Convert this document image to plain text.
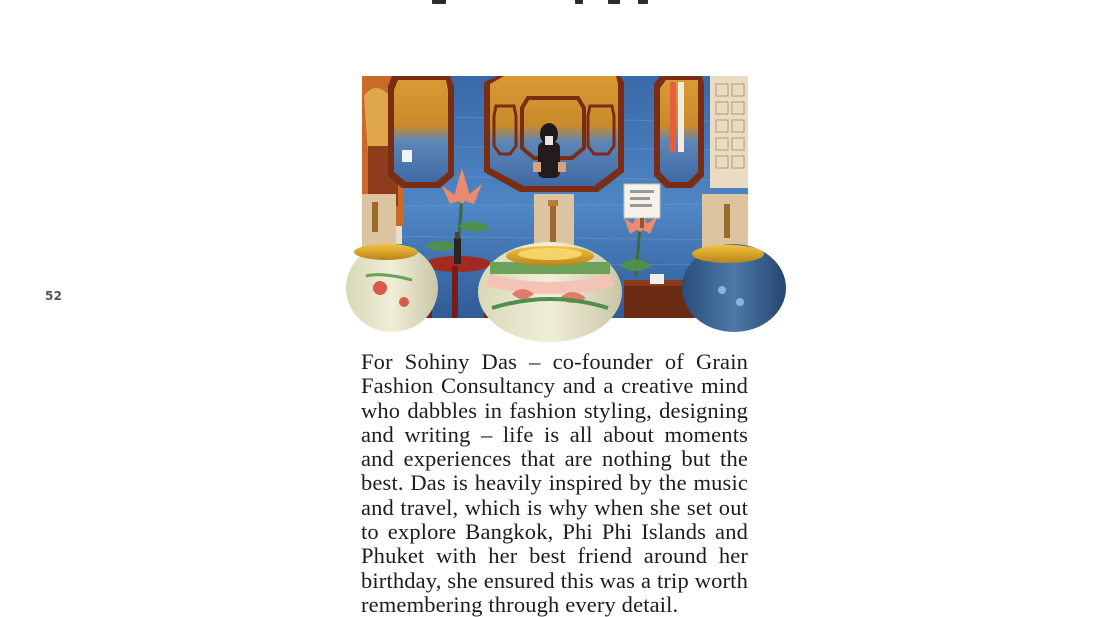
52

For Sohiny Das – co-founder of Grain Fashion Consultancy and a creative mind who dabbles in fashion styling, designing and writing – life is all about moments and experiences that are nothing but the best. Das is heavily inspired by the music and travel, which is why when she set out to explore Bangkok, Phi Phi Islands and Phuket with her best friend around her birthday, she ensured this was a trip worth remembering through every detail.
